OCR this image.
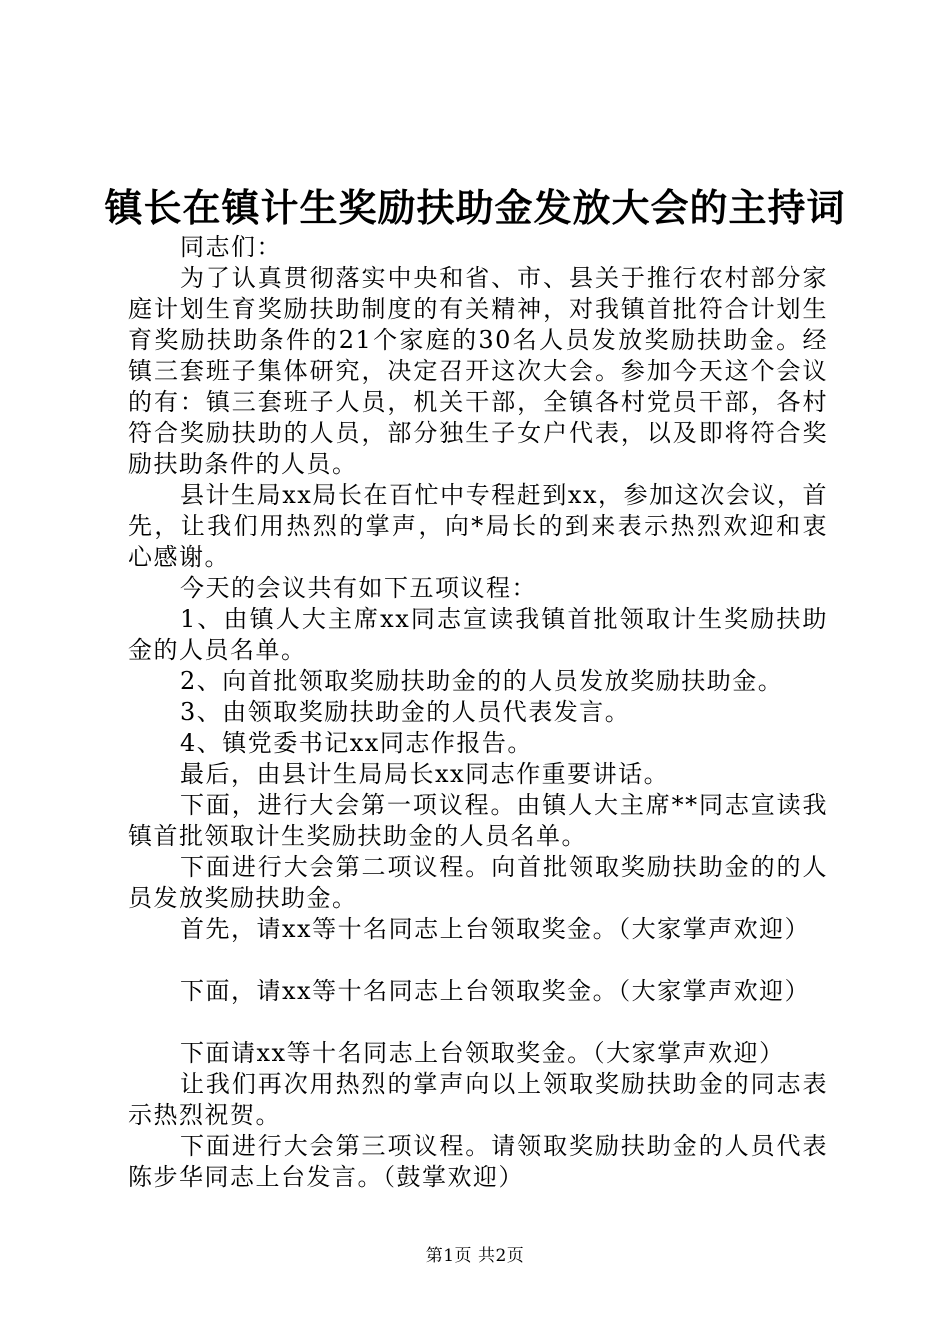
镇长在镇计生奖励扶助金发放大会的主持词

同志们：

为了认真贯彻落实中央和省、市、县关于推行农村部分家庭计划生育奖励扶助制度的有关精神，对我镇首批符合计划生育奖励扶助条件的21个家庭的30名人员发放奖励扶助金。经镇三套班子集体研究，决定召开这次大会。参加今天这个会议的有：镇三套班子人员，机关干部，全镇各村党员干部，各村符合奖励扶助的人员，部分独生子女户代表，以及即将符合奖励扶助条件的人员。

县计生局xx局长在百忙中专程赶到xx，参加这次会议，首先，让我们用热烈的掌声，向*局长的到来表示热烈欢迎和衷心感谢。

今天的会议共有如下五项议程：

1、由镇人大主席xx同志宣读我镇首批领取计生奖励扶助金的人员名单。

2、向首批领取奖励扶助金的的人员发放奖励扶助金。

3、由领取奖励扶助金的人员代表发言。

4、镇党委书记xx同志作报告。

最后，由县计生局局长xx同志作重要讲话。

下面，进行大会第一项议程。由镇人大主席**同志宣读我镇首批领取计生奖励扶助金的人员名单。

下面进行大会第二项议程。向首批领取奖励扶助金的的人员发放奖励扶助金。

首先，请xx等十名同志上台领取奖金。（大家掌声欢迎）

下面，请xx等十名同志上台领取奖金。（大家掌声欢迎）

下面请xx等十名同志上台领取奖金。（大家掌声欢迎）

让我们再次用热烈的掌声向以上领取奖励扶助金的同志表示热烈祝贺。

下面进行大会第三项议程。请领取奖励扶助金的人员代表陈步华同志上台发言。（鼓掌欢迎）

第1页 共2页
